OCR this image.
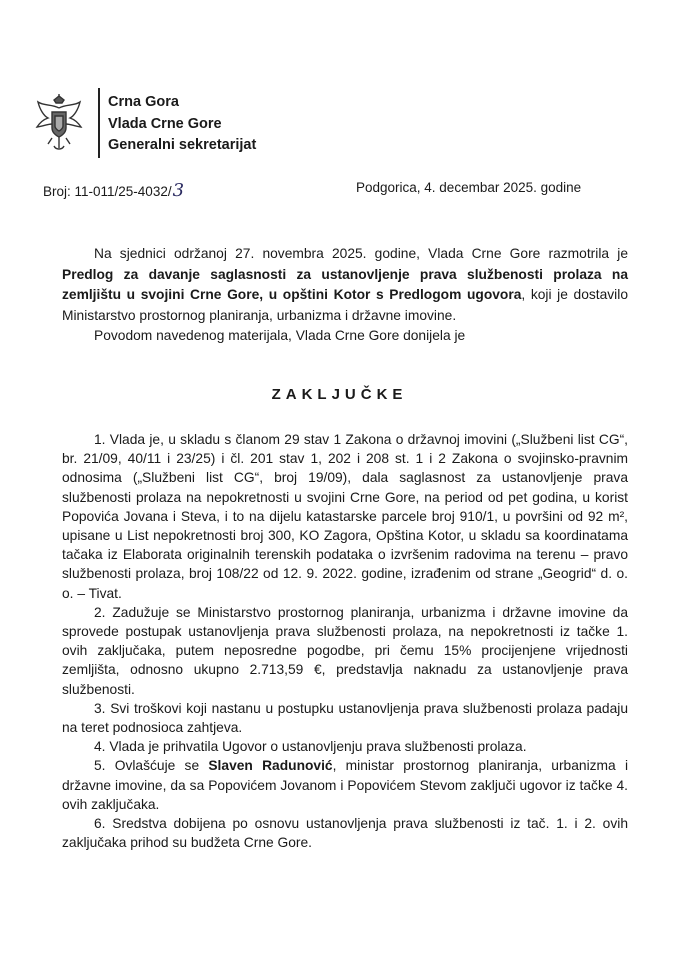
Crna Gora
Vlada Crne Gore
Generalni sekretarijat
Broj: 11-011/25-4032/3	Podgorica, 4. decembar 2025. godine

Na sjednici održanoj 27. novembra 2025. godine, Vlada Crne Gore razmotrila je Predlog za davanje saglasnosti za ustanovljenje prava službenosti prolaza na zemljištu u svojini Crne Gore, u opštini Kotor s Predlogom ugovora, koji je dostavilo Ministarstvo prostornog planiranja, urbanizma i državne imovine.

Povodom navedenog materijala, Vlada Crne Gore donijela je

ZAKLJUČKE

1. Vlada je, u skladu s članom 29 stav 1 Zakona o državnoj imovini („Službeni list CG“, br. 21/09, 40/11 i 23/25) i čl. 201 stav 1, 202 i 208 st. 1 i 2 Zakona o svojinsko-pravnim odnosima („Službeni list CG“, broj 19/09), dala saglasnost za ustanovljenje prava službenosti prolaza na nepokretnosti u svojini Crne Gore, na period od pet godina, u korist Popovića Jovana i Steva, i to na dijelu katastarske parcele broj 910/1, u površini od 92 m², upisane u List nepokretnosti broj 300, KO Zagora, Opština Kotor, u skladu sa koordinatama tačaka iz Elaborata originalnih terenskih podataka o izvršenim radovima na terenu – pravo službenosti prolaza, broj 108/22 od 12. 9. 2022. godine, izrađenim od strane „Geogrid“ d. o. o. – Tivat.

2. Zadužuje se Ministarstvo prostornog planiranja, urbanizma i državne imovine da sprovede postupak ustanovljenja prava službenosti prolaza, na nepokretnosti iz tačke 1. ovih zaključaka, putem neposredne pogodbe, pri čemu 15% procijenjene vrijednosti zemljišta, odnosno ukupno 2.713,59 €, predstavlja naknadu za ustanovljenje prava službenosti.

3. Svi troškovi koji nastanu u postupku ustanovljenja prava službenosti prolaza padaju na teret podnosioca zahtjeva.

4. Vlada je prihvatila Ugovor o ustanovljenju prava službenosti prolaza.

5. Ovlašćuje se Slaven Radunović, ministar prostornog planiranja, urbanizma i državne imovine, da sa Popovićem Jovanom i Popovićem Stevom zaključi ugovor iz tačke 4. ovih zaključaka.

6. Sredstva dobijena po osnovu ustanovljenja prava službenosti iz tač. 1. i 2. ovih zaključaka prihod su budžeta Crne Gore.
